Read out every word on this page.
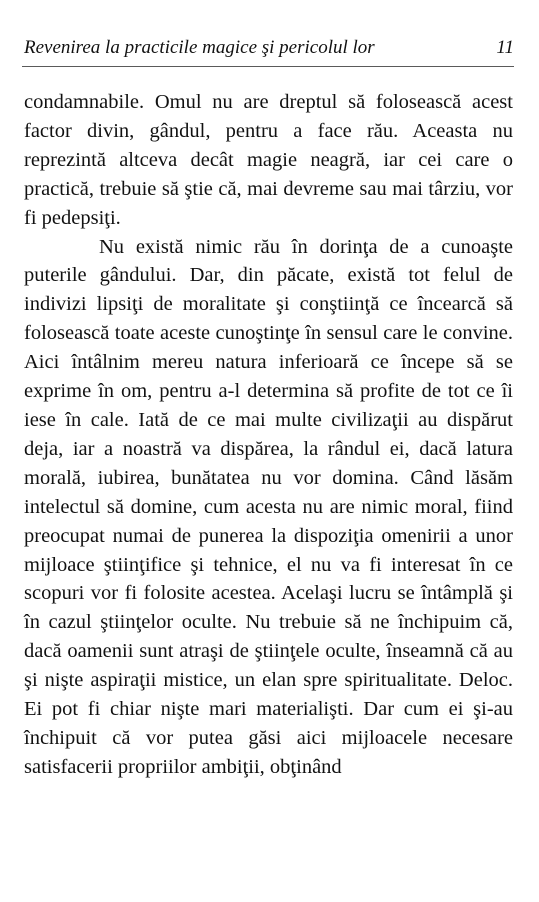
Revenirea la practicile magice şi pericolul lor	11

condamnabile. Omul nu are dreptul să folosească acest factor divin, gândul, pentru a face rău. Aceasta nu reprezintă altceva decât magie neagră, iar cei care o practică, trebuie să ştie că, mai devreme sau mai târziu, vor fi pedepsiţi.

Nu există nimic rău în dorinţa de a cunoaşte puterile gândului. Dar, din păcate, există tot felul de indivizi lipsiţi de moralitate şi conştiinţă ce încearcă să folosească toate aceste cunoştinţe în sensul care le convine. Aici întâlnim mereu natura inferioară ce începe să se exprime în om, pentru a-l determina să profite de tot ce îi iese în cale. Iată de ce mai multe civilizaţii au dispărut deja, iar a noastră va dispărea, la rândul ei, dacă latura morală, iubirea, bunătatea nu vor domina. Când lăsăm intelectul să domine, cum acesta nu are nimic moral, fiind preocupat numai de punerea la dispoziţia omenirii a unor mijloace ştiinţifice şi tehnice, el nu va fi interesat în ce scopuri vor fi folosite acestea. Acelaşi lucru se întâmplă şi în cazul ştiinţelor oculte. Nu trebuie să ne închipuim că, dacă oamenii sunt atraşi de ştiinţele oculte, înseamnă că au şi nişte aspiraţii mistice, un elan spre spiritualitate. Deloc. Ei pot fi chiar nişte mari materialişti. Dar cum ei şi-au închipuit că vor putea găsi aici mijloacele necesare satisfacerii propriilor ambiţii, obţinând
